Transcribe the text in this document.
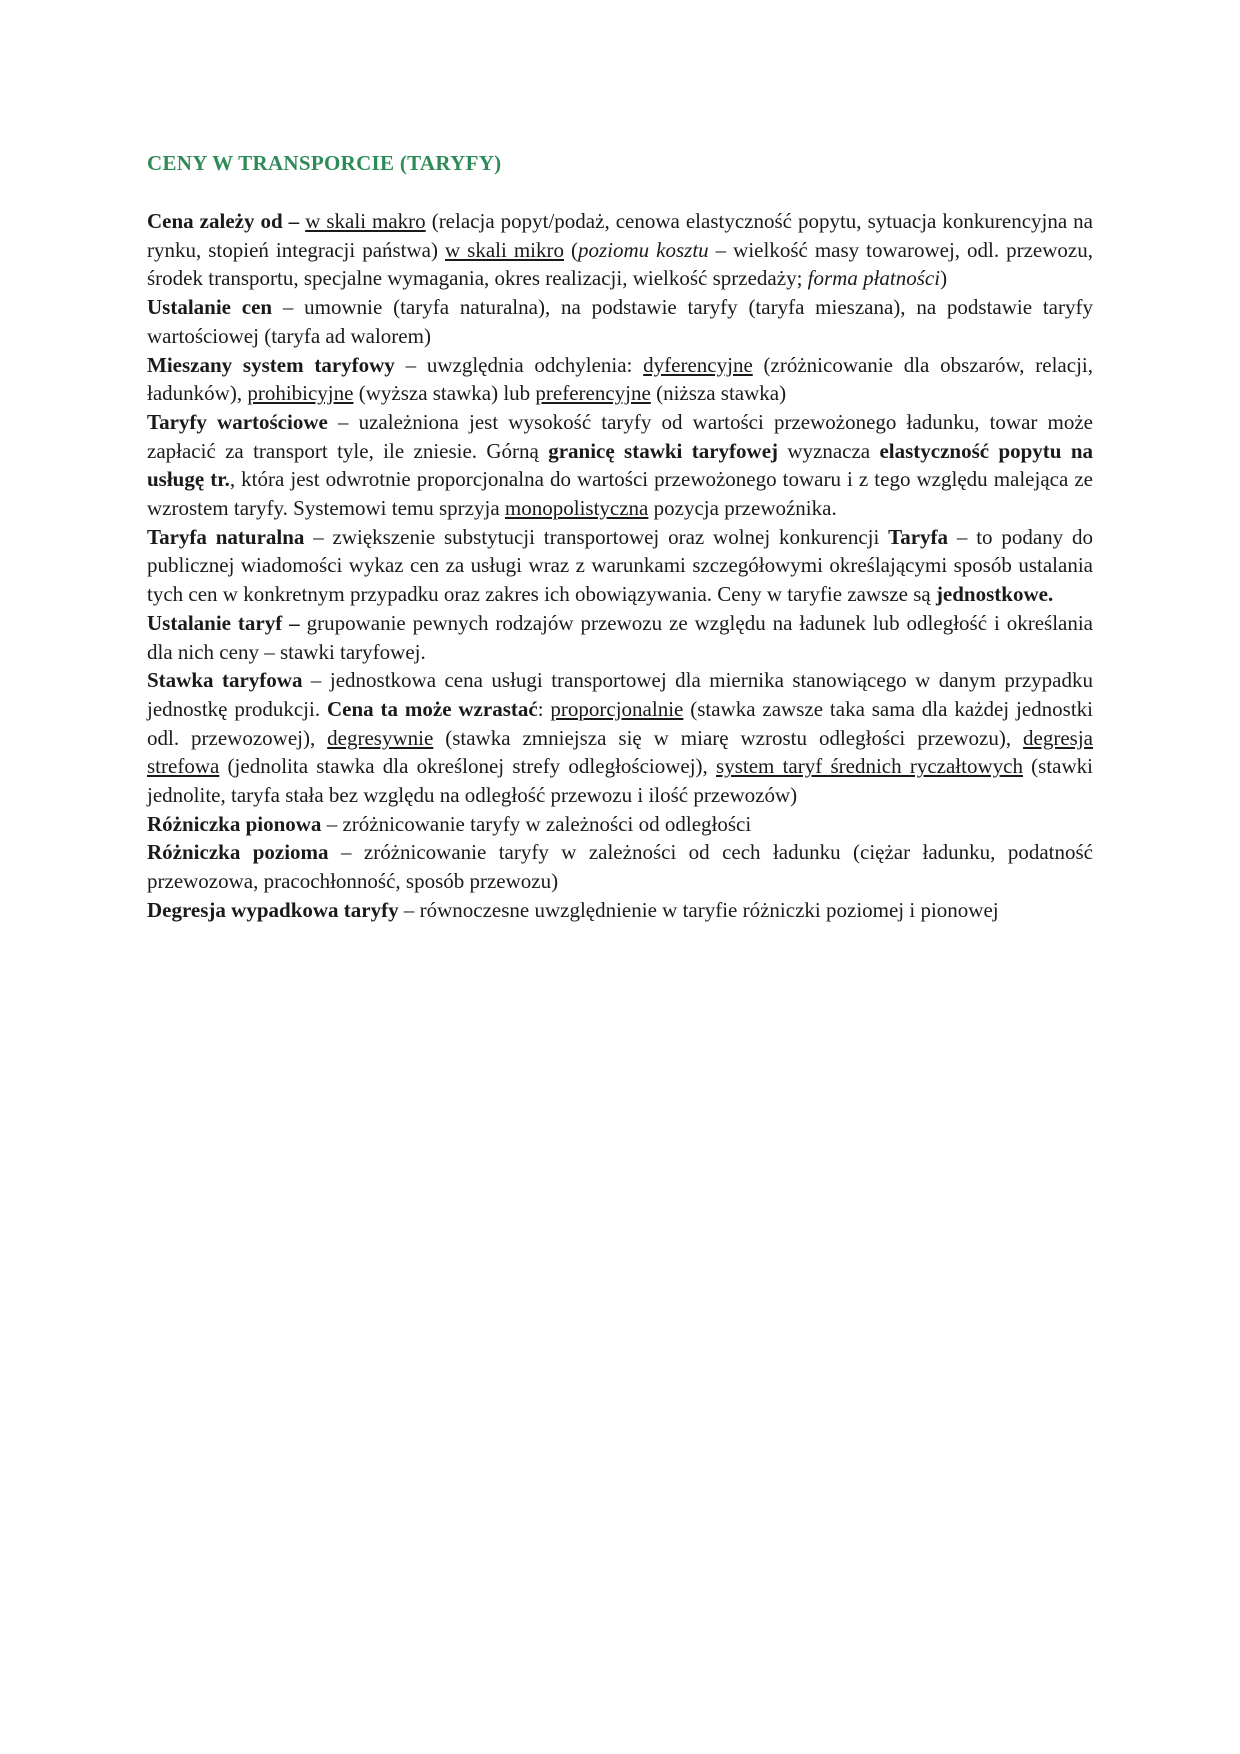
CENY W TRANSPORCIE (TARYFY)

Cena zależy od – w skali makro (relacja popyt/podaż, cenowa elastyczność popytu, sytuacja konkurencyjna na rynku, stopień integracji państwa) w skali mikro (poziomu kosztu – wielkość masy towarowej, odl. przewozu, środek transportu, specjalne wymagania, okres realizacji, wielkość sprzedaży; forma płatności)

Ustalanie cen – umownie (taryfa naturalna), na podstawie taryfy (taryfa mieszana), na podstawie taryfy wartościowej (taryfa ad walorem)

Mieszany system taryfowy – uwzględnia odchylenia: dyferencyjne (zróżnicowanie dla obszarów, relacji, ładunków), prohibicyjne (wyższa stawka) lub preferencyjne (niższa stawka)

Taryfy wartościowe – uzależniona jest wysokość taryfy od wartości przewożonego ładunku, towar może zapłacić za transport tyle, ile zniesie. Górną granicę stawki taryfowej wyznacza elastyczność popytu na usługę tr., która jest odwrotnie proporcjonalna do wartości przewożonego towaru i z tego względu malejąca ze wzrostem taryfy. Systemowi temu sprzyja monopolistyczna pozycja przewoźnika.

Taryfa naturalna – zwiększenie substytucji transportowej oraz wolnej konkurencji Taryfa – to podany do publicznej wiadomości wykaz cen za usługi wraz z warunkami szczegółowymi określającymi sposób ustalania tych cen w konkretnym przypadku oraz zakres ich obowiązywania. Ceny w taryfie zawsze są jednostkowe.

Ustalanie taryf – grupowanie pewnych rodzajów przewozu ze względu na ładunek lub odległość i określania dla nich ceny – stawki taryfowej.

Stawka taryfowa – jednostkowa cena usługi transportowej dla miernika stanowiącego w danym przypadku jednostkę produkcji. Cena ta może wzrastać: proporcjonalnie (stawka zawsze taka sama dla każdej jednostki odl. przewozowej), degresywnie (stawka zmniejsza się w miarę wzrostu odległości przewozu), degresja strefowa (jednolita stawka dla określonej strefy odległościowej), system taryf średnich ryczałtowych (stawki jednolite, taryfa stała bez względu na odległość przewozu i ilość przewozów)

Różniczka pionowa – zróżnicowanie taryfy w zależności od odległości

Różniczka pozioma – zróżnicowanie taryfy w zależności od cech ładunku (ciężar ładunku, podatność przewozowa, pracochłonność, sposób przewozu)

Degresja wypadkowa taryfy – równoczesne uwzględnienie w taryfie różniczki poziomej i pionowej
